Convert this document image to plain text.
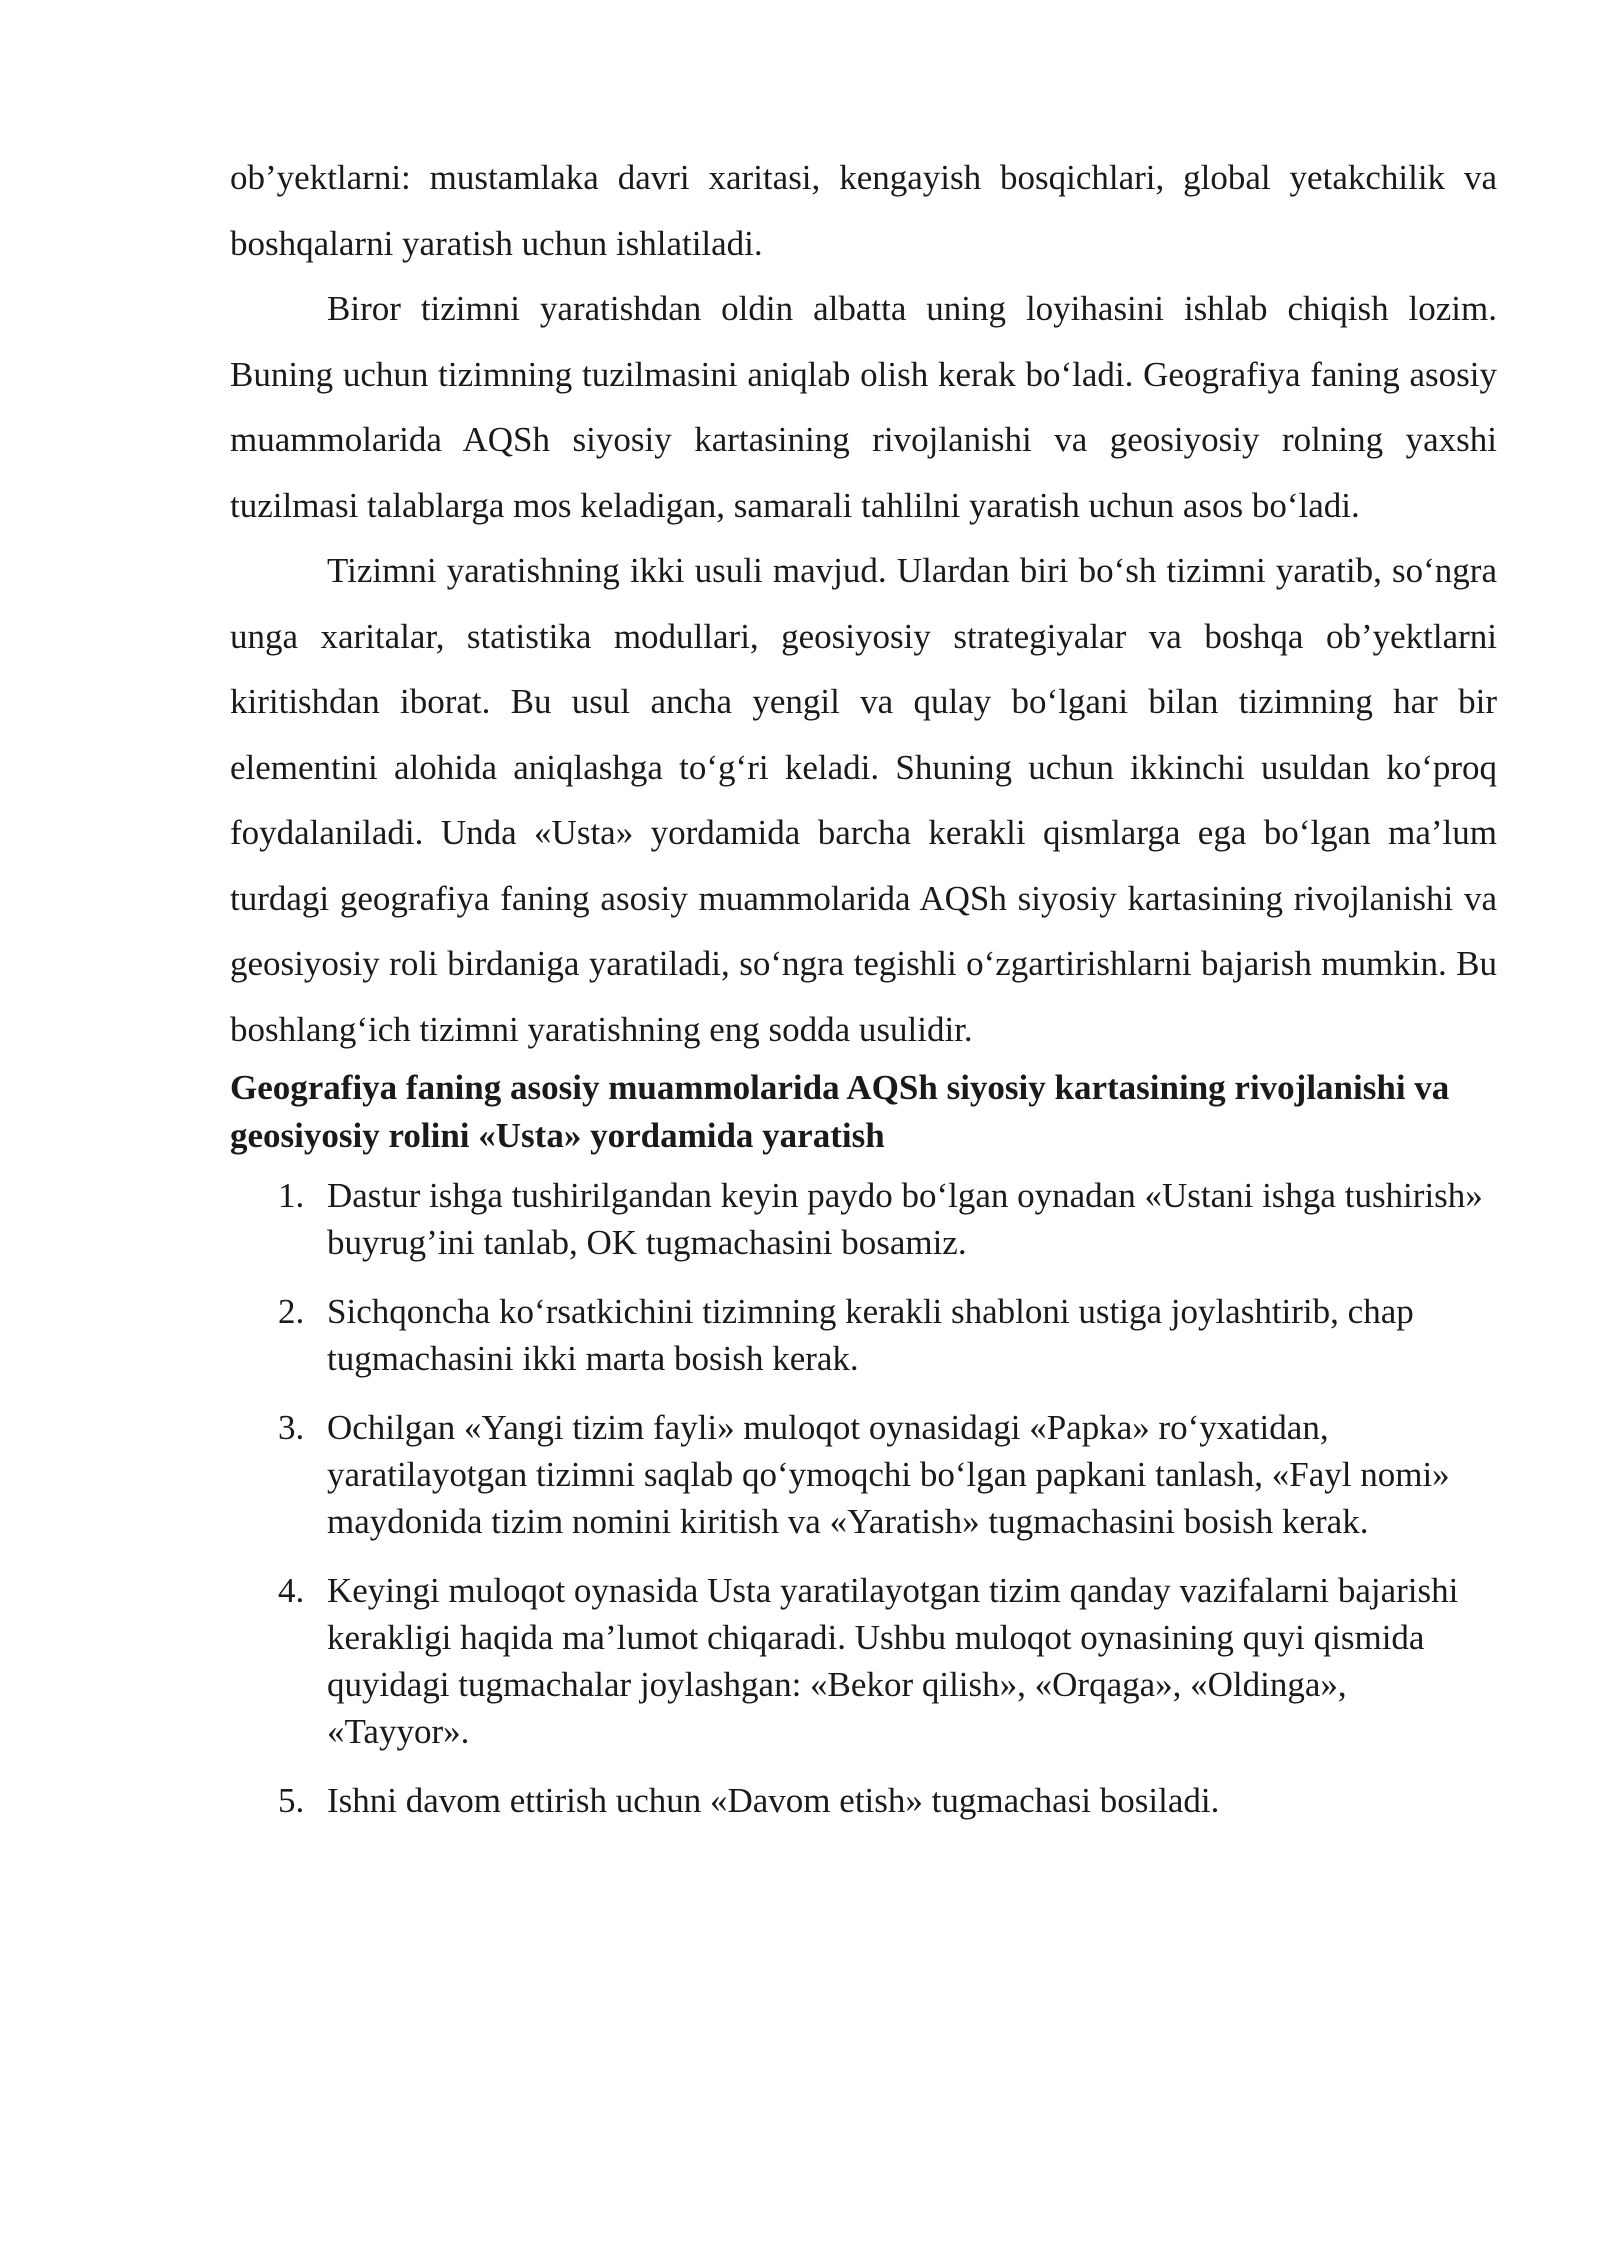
ob’yektlarni: mustamlaka davri xaritasi, kengayish bosqichlari, global yetakchilik va boshqalarni yaratish uchun ishlatiladi.

Biror tizimni yaratishdan oldin albatta uning loyihasini ishlab chiqish lozim. Buning uchun tizimning tuzilmasini aniqlab olish kerak bo‘ladi. Geografiya faning asosiy muammolarida AQSh siyosiy kartasining rivojlanishi va geosiyosiy rolning yaxshi tuzilmasi talablarga mos keladigan, samarali tahlilni yaratish uchun asos bo‘ladi.

Tizimni yaratishning ikki usuli mavjud. Ulardan biri bo‘sh tizimni yaratib, so‘ngra unga xaritalar, statistika modullari, geosiyosiy strategiyalar va boshqa ob’yektlarni kiritishdan iborat. Bu usul ancha yengil va qulay bo‘lgani bilan tizimning har bir elementini alohida aniqlashga to‘g‘ri keladi. Shuning uchun ikkinchi usuldan ko‘proq foydalaniladi. Unda «Usta» yordamida barcha kerakli qismlarga ega bo‘lgan ma’lum turdagi geografiya faning asosiy muammolarida AQSh siyosiy kartasining rivojlanishi va geosiyosiy roli birdaniga yaratiladi, so‘ngra tegishli o‘zgartirishlarni bajarish mumkin. Bu boshlang‘ich tizimni yaratishning eng sodda usulidir.

Geografiya faning asosiy muammolarida AQSh siyosiy kartasining rivojlanishi va geosiyosiy rolini «Usta» yordamida yaratish
1. Dastur ishga tushirilgandan keyin paydo bo‘lgan oynadan «Ustani ishga tushirish» buyrug’ini tanlab, OK tugmachasini bosamiz.
2. Sichqoncha ko‘rsatkichini tizimning kerakli shabloni ustiga joylashtirib, chap tugmachasini ikki marta bosish kerak.
3. Ochilgan «Yangi tizim fayli» muloqot oynasidagi «Papka» ro‘yxatidan, yaratilayotgan tizimni saqlab qo‘ymoqchi bo‘lgan papkani tanlash, «Fayl nomi» maydonida tizim nomini kiritish va «Yaratish» tugmachasini bosish kerak.
4. Keyingi muloqot oynasida Usta yaratilayotgan tizim qanday vazifalarni bajarishi kerakligi haqida ma’lumot chiqaradi. Ushbu muloqot oynasining quyi qismida quyidagi tugmachalar joylashgan: «Bekor qilish», «Orqaga», «Oldinga», «Tayyor».
5. Ishni davom ettirish uchun «Davom etish» tugmachasi bosiladi.
